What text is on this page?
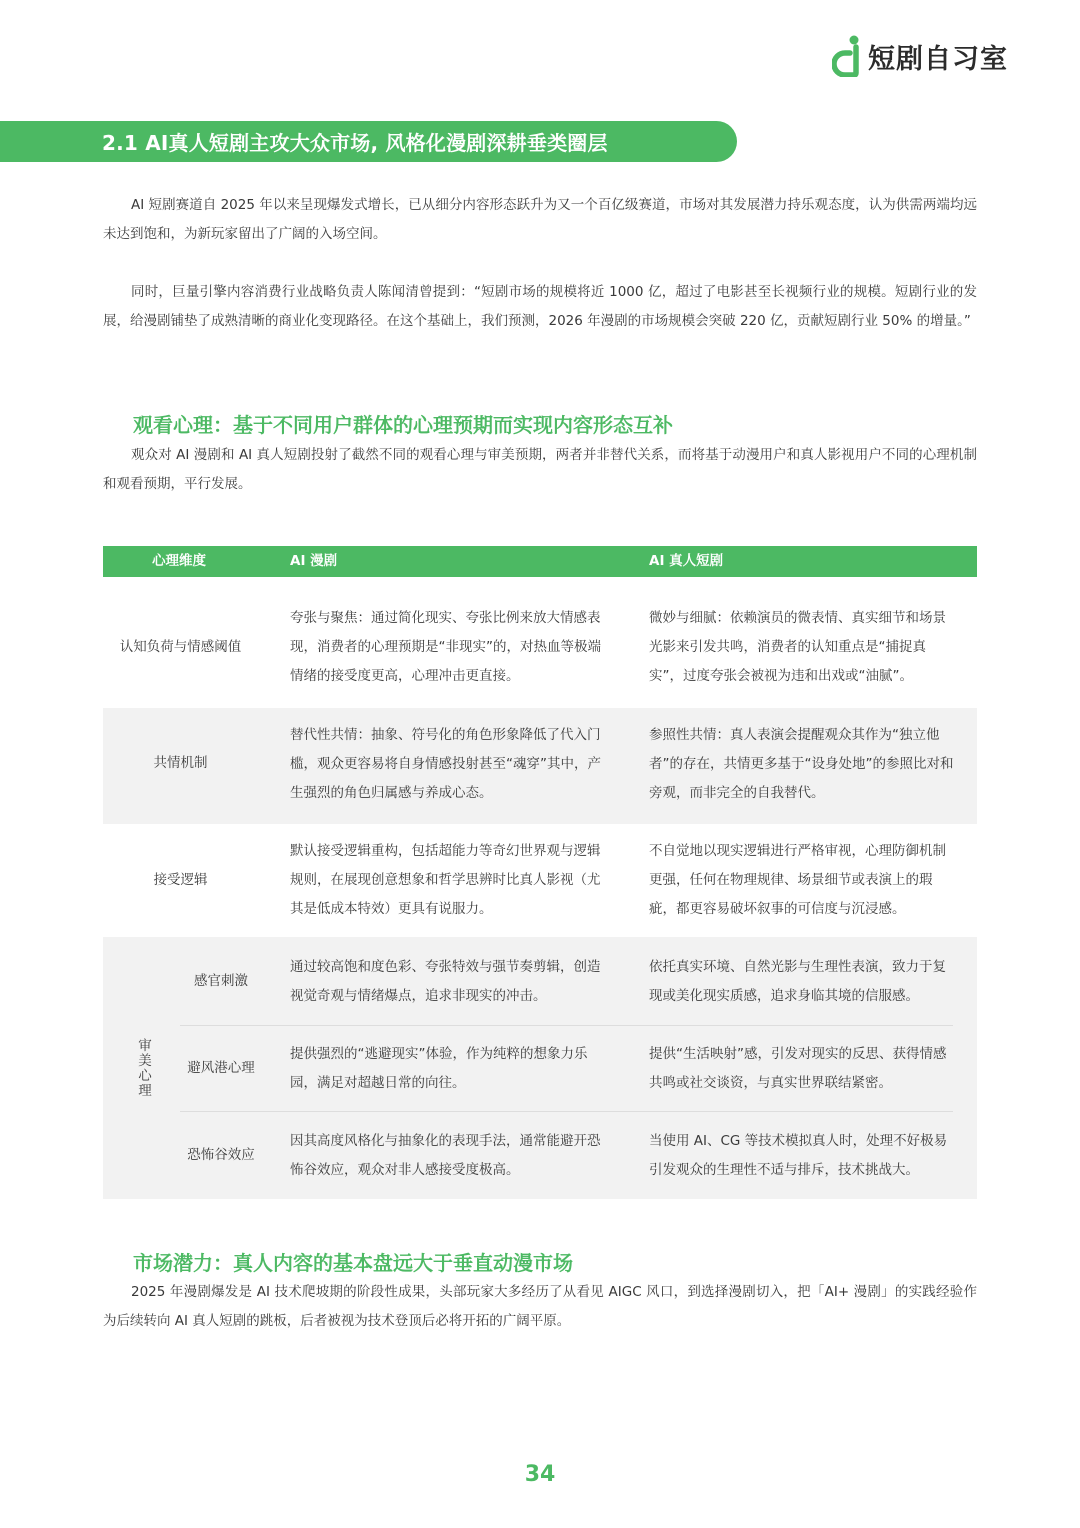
短剧自习室
2.1 AI真人短剧主攻大众市场, 风格化漫剧深耕垂类圈层

AI 短剧赛道自 2025 年以来呈现爆发式增长，已从细分内容形态跃升为又一个百亿级赛道，市场对其发展潜力持乐观态度，认为供需两端均远未达到饱和，为新玩家留出了广阔的入场空间。

同时，巨量引擎内容消费行业战略负责人陈闻清曾提到：“短剧市场的规模将近 1000 亿，超过了电影甚至长视频行业的规模。短剧行业的发展，给漫剧铺垫了成熟清晰的商业化变现路径。在这个基础上，我们预测，2026 年漫剧的市场规模会突破 220 亿，贡献短剧行业 50% 的增量。”

观看心理：基于不同用户群体的心理预期而实现内容形态互补

观众对 AI 漫剧和 AI 真人短剧投射了截然不同的观看心理与审美预期，两者并非替代关系，而将基于动漫用户和真人影视用户不同的心理机制和观看预期，平行发展。

心理维度	AI 漫剧	AI 真人短剧
认知负荷与情感阈值
夸张与聚焦：通过简化现实、夸张比例来放大情感表现，消费者的心理预期是“非现实”的，对热血等极端情绪的接受度更高，心理冲击更直接。
微妙与细腻：依赖演员的微表情、真实细节和场景光影来引发共鸣，消费者的认知重点是“捕捉真实”，过度夸张会被视为违和出戏或“油腻”。
共情机制
替代性共情：抽象、符号化的角色形象降低了代入门槛，观众更容易将自身情感投射甚至“魂穿”其中，产生强烈的角色归属感与养成心态。
参照性共情：真人表演会提醒观众其作为“独立他者”的存在，共情更多基于“设身处地”的参照比对和旁观，而非完全的自我替代。
接受逻辑
默认接受逻辑重构，包括超能力等奇幻世界观与逻辑规则，在展现创意想象和哲学思辨时比真人影视（尤其是低成本特效）更具有说服力。
不自觉地以现实逻辑进行严格审视，心理防御机制更强，任何在物理规律、场景细节或表演上的瑕疵，都更容易破坏叙事的可信度与沉浸感。
审美心理
感官刺激
通过较高饱和度色彩、夸张特效与强节奏剪辑，创造视觉奇观与情绪爆点，追求非现实的冲击。
依托真实环境、自然光影与生理性表演，致力于复现或美化现实质感，追求身临其境的信服感。
避风港心理
提供强烈的“逃避现实”体验，作为纯粹的想象力乐园，满足对超越日常的向往。
提供“生活映射”感，引发对现实的反思、获得情感共鸣或社交谈资，与真实世界联结紧密。
恐怖谷效应
因其高度风格化与抽象化的表现手法，通常能避开恐怖谷效应，观众对非人感接受度极高。
当使用 AI、CG 等技术模拟真人时，处理不好极易引发观众的生理性不适与排斥，技术挑战大。
市场潜力：真人内容的基本盘远大于垂直动漫市场

2025 年漫剧爆发是 AI 技术爬坡期的阶段性成果，头部玩家大多经历了从看见 AIGC 风口，到选择漫剧切入，把「AI+ 漫剧」的实践经验作为后续转向 AI 真人短剧的跳板，后者被视为技术登顶后必将开拓的广阔平原。

34
